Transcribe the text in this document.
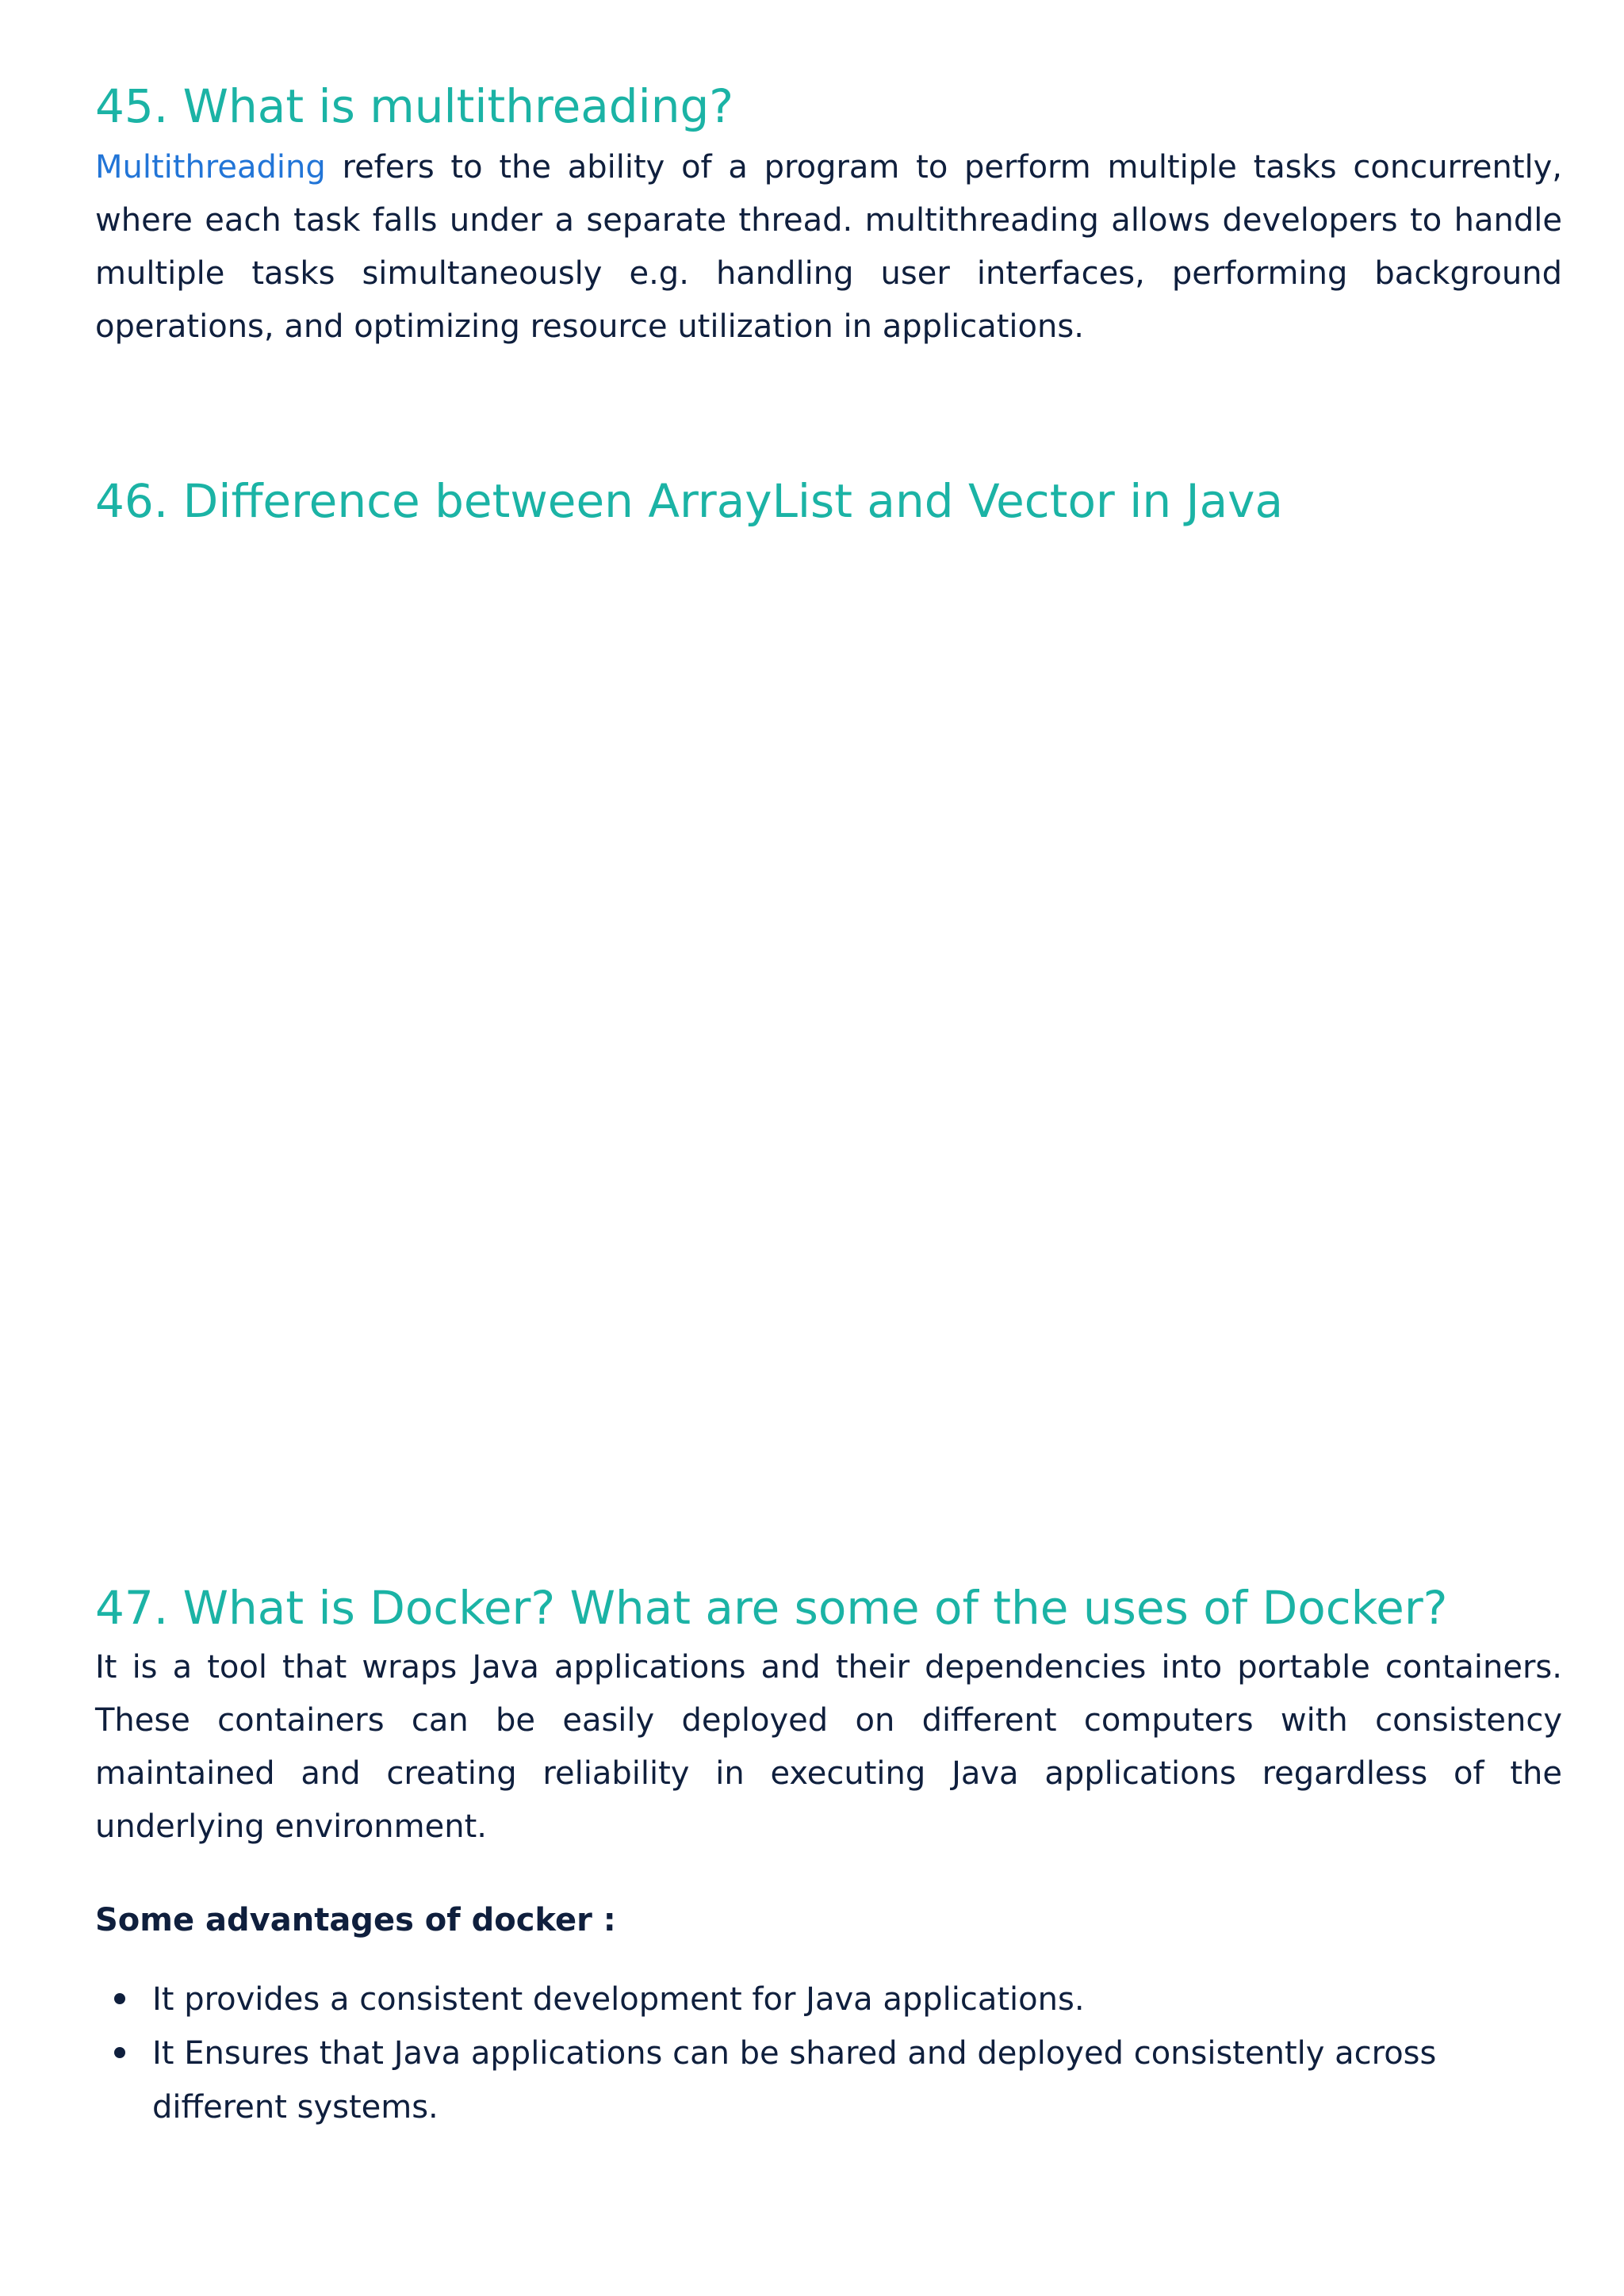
45. What is multithreading?

Multithreading refers to the ability of a program to perform multiple tasks concurrently, where each task falls under a separate thread. multithreading allows developers to handle multiple tasks simultaneously e.g. handling user interfaces, performing background operations, and optimizing resource utilization in applications.

46. Difference between ArrayList and Vector in Java
47. What is Docker? What are some of the uses of Docker?

It is a tool that wraps Java applications and their dependencies into portable containers. These containers can be easily deployed on different computers with consistency maintained and creating reliability in executing Java applications regardless of the underlying environment.

Some advantages of docker :

It provides a consistent development for Java applications.
It Ensures that Java applications can be shared and deployed consistently across different systems.
